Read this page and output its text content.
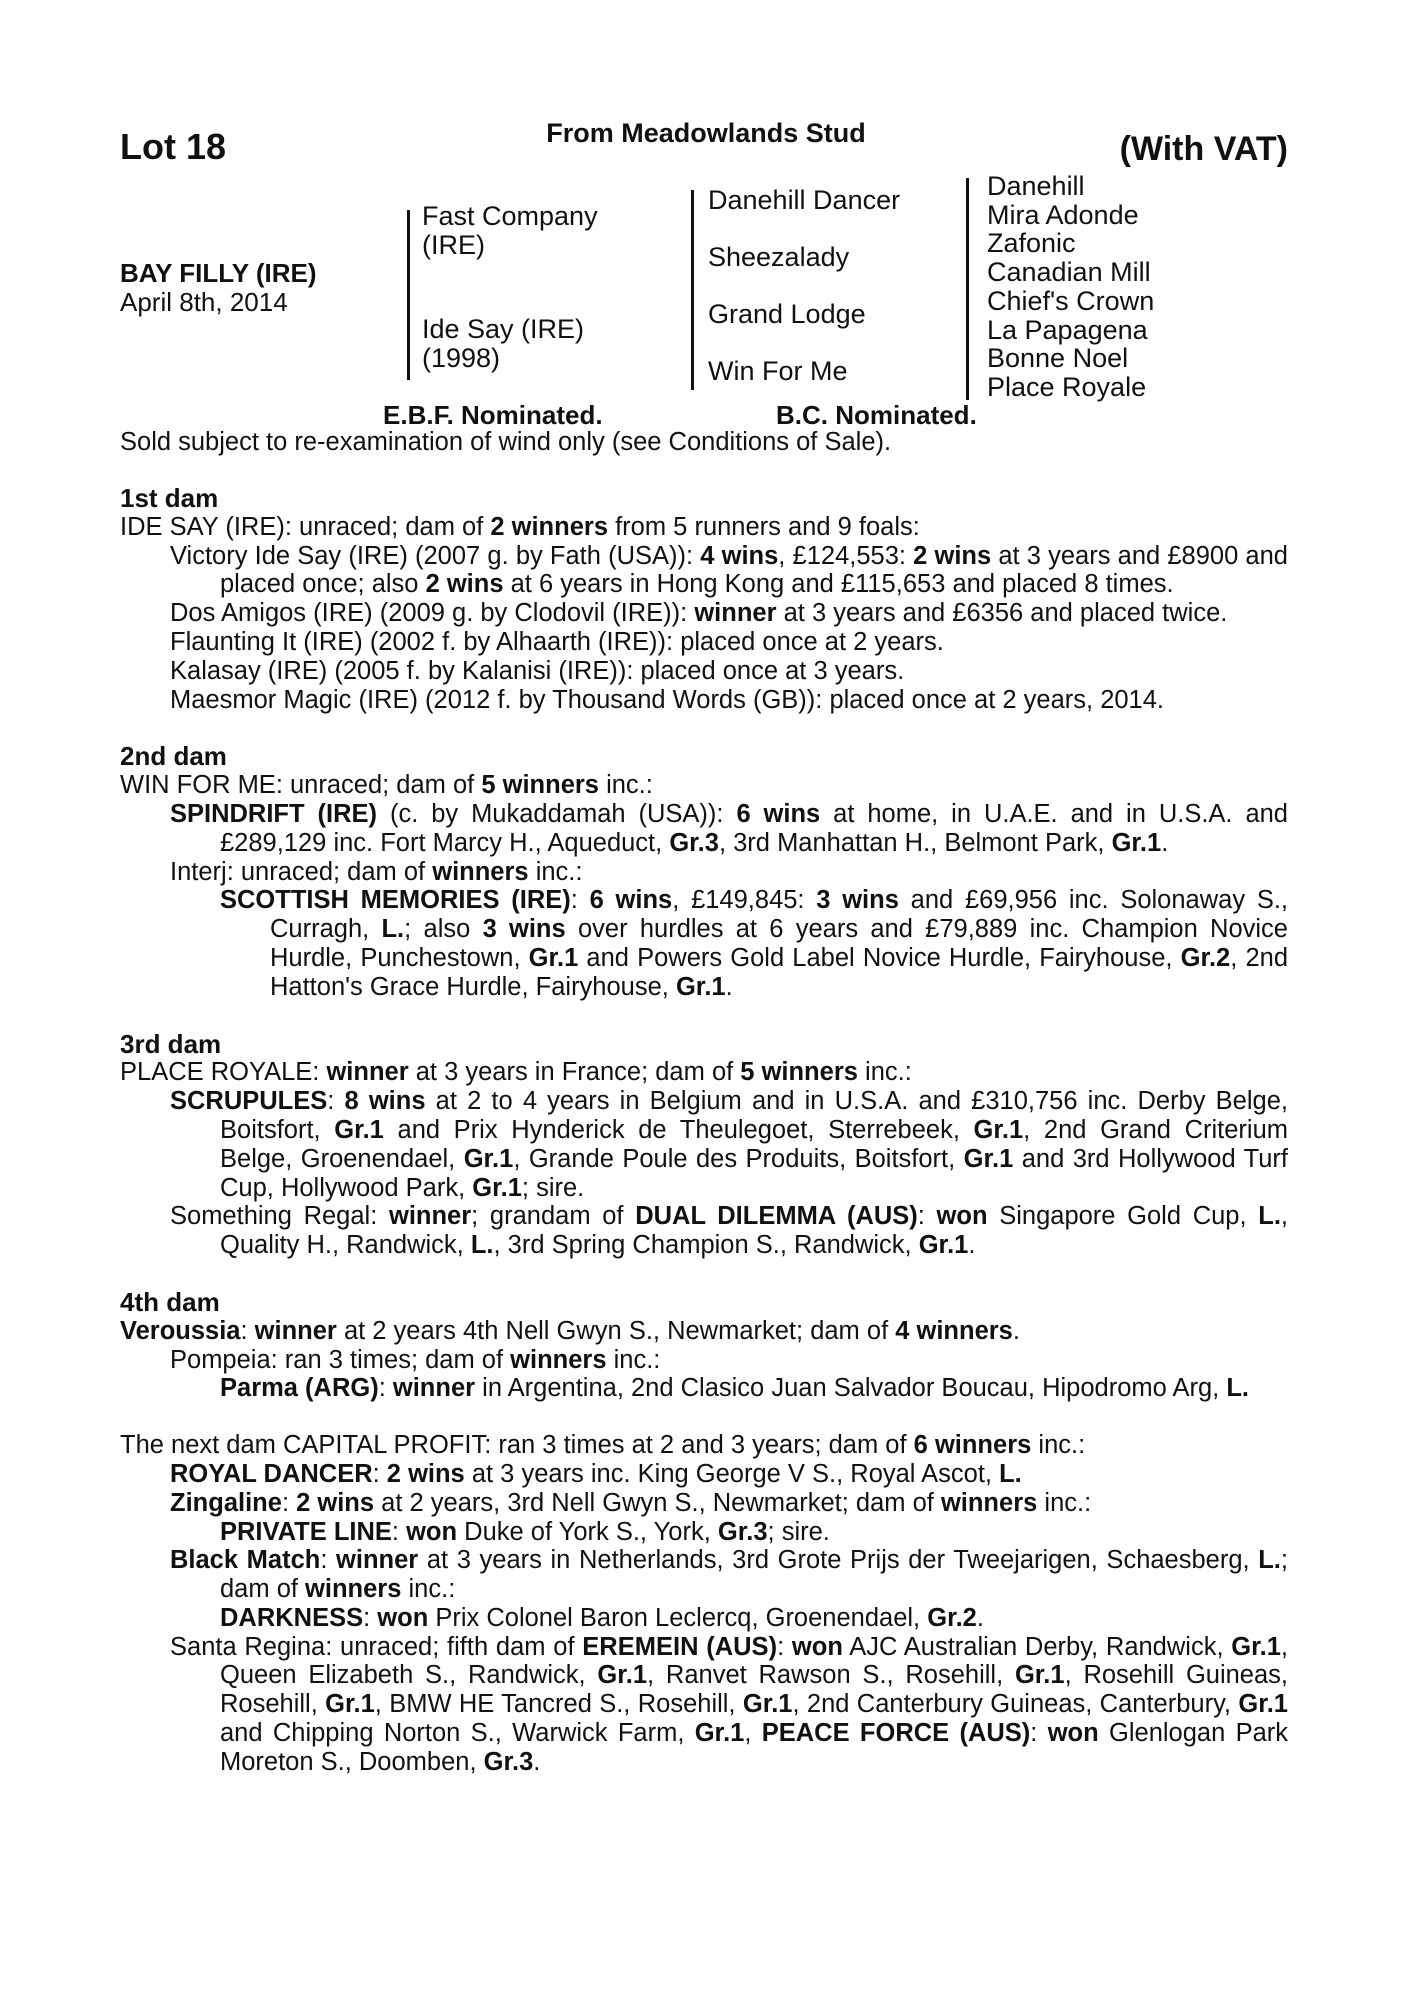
Lot 18	From Meadowlands Stud	(With VAT)
BAY FILLY (IRE)
April 8th, 2014
Fast Company
(IRE)
Ide Say (IRE)
(1998)
Danehill Dancer
Sheezalady
Grand Lodge
Win For Me
Danehill
Mira Adonde
Zafonic
Canadian Mill
Chief's Crown
La Papagena
Bonne Noel
Place Royale
E.B.F. Nominated.	B.C. Nominated.
Sold subject to re-examination of wind only (see Conditions of Sale).
1st dam
IDE SAY (IRE): unraced; dam of 2 winners from 5 runners and 9 foals:
Victory Ide Say (IRE) (2007 g. by Fath (USA)): 4 wins, £124,553: 2 wins at 3 years and £8900 and placed once; also 2 wins at 6 years in Hong Kong and £115,653 and placed 8 times.
Dos Amigos (IRE) (2009 g. by Clodovil (IRE)): winner at 3 years and £6356 and placed twice.
Flaunting It (IRE) (2002 f. by Alhaarth (IRE)): placed once at 2 years.
Kalasay (IRE) (2005 f. by Kalanisi (IRE)): placed once at 3 years.
Maesmor Magic (IRE) (2012 f. by Thousand Words (GB)): placed once at 2 years, 2014.
2nd dam
WIN FOR ME: unraced; dam of 5 winners inc.:
SPINDRIFT (IRE) (c. by Mukaddamah (USA)): 6 wins at home, in U.A.E. and in U.S.A. and £289,129 inc. Fort Marcy H., Aqueduct, Gr.3, 3rd Manhattan H., Belmont Park, Gr.1.
Interj: unraced; dam of winners inc.:
SCOTTISH MEMORIES (IRE): 6 wins, £149,845: 3 wins and £69,956 inc. Solonaway S., Curragh, L.; also 3 wins over hurdles at 6 years and £79,889 inc. Champion Novice Hurdle, Punchestown, Gr.1 and Powers Gold Label Novice Hurdle, Fairyhouse, Gr.2, 2nd Hatton's Grace Hurdle, Fairyhouse, Gr.1.
3rd dam
PLACE ROYALE: winner at 3 years in France; dam of 5 winners inc.:
SCRUPULES: 8 wins at 2 to 4 years in Belgium and in U.S.A. and £310,756 inc. Derby Belge, Boitsfort, Gr.1 and Prix Hynderick de Theulegoet, Sterrebeek, Gr.1, 2nd Grand Criterium Belge, Groenendael, Gr.1, Grande Poule des Produits, Boitsfort, Gr.1 and 3rd Hollywood Turf Cup, Hollywood Park, Gr.1; sire.
Something Regal: winner; grandam of DUAL DILEMMA (AUS): won Singapore Gold Cup, L., Quality H., Randwick, L., 3rd Spring Champion S., Randwick, Gr.1.
4th dam
Veroussia: winner at 2 years 4th Nell Gwyn S., Newmarket; dam of 4 winners.
Pompeia: ran 3 times; dam of winners inc.:
Parma (ARG): winner in Argentina, 2nd Clasico Juan Salvador Boucau, Hipodromo Arg, L.
The next dam CAPITAL PROFIT: ran 3 times at 2 and 3 years; dam of 6 winners inc.:
ROYAL DANCER: 2 wins at 3 years inc. King George V S., Royal Ascot, L.
Zingaline: 2 wins at 2 years, 3rd Nell Gwyn S., Newmarket; dam of winners inc.:
PRIVATE LINE: won Duke of York S., York, Gr.3; sire.
Black Match: winner at 3 years in Netherlands, 3rd Grote Prijs der Tweejarigen, Schaesberg, L.; dam of winners inc.:
DARKNESS: won Prix Colonel Baron Leclercq, Groenendael, Gr.2.
Santa Regina: unraced; fifth dam of EREMEIN (AUS): won AJC Australian Derby, Randwick, Gr.1, Queen Elizabeth S., Randwick, Gr.1, Ranvet Rawson S., Rosehill, Gr.1, Rosehill Guineas, Rosehill, Gr.1, BMW HE Tancred S., Rosehill, Gr.1, 2nd Canterbury Guineas, Canterbury, Gr.1 and Chipping Norton S., Warwick Farm, Gr.1, PEACE FORCE (AUS): won Glenlogan Park Moreton S., Doomben, Gr.3.
